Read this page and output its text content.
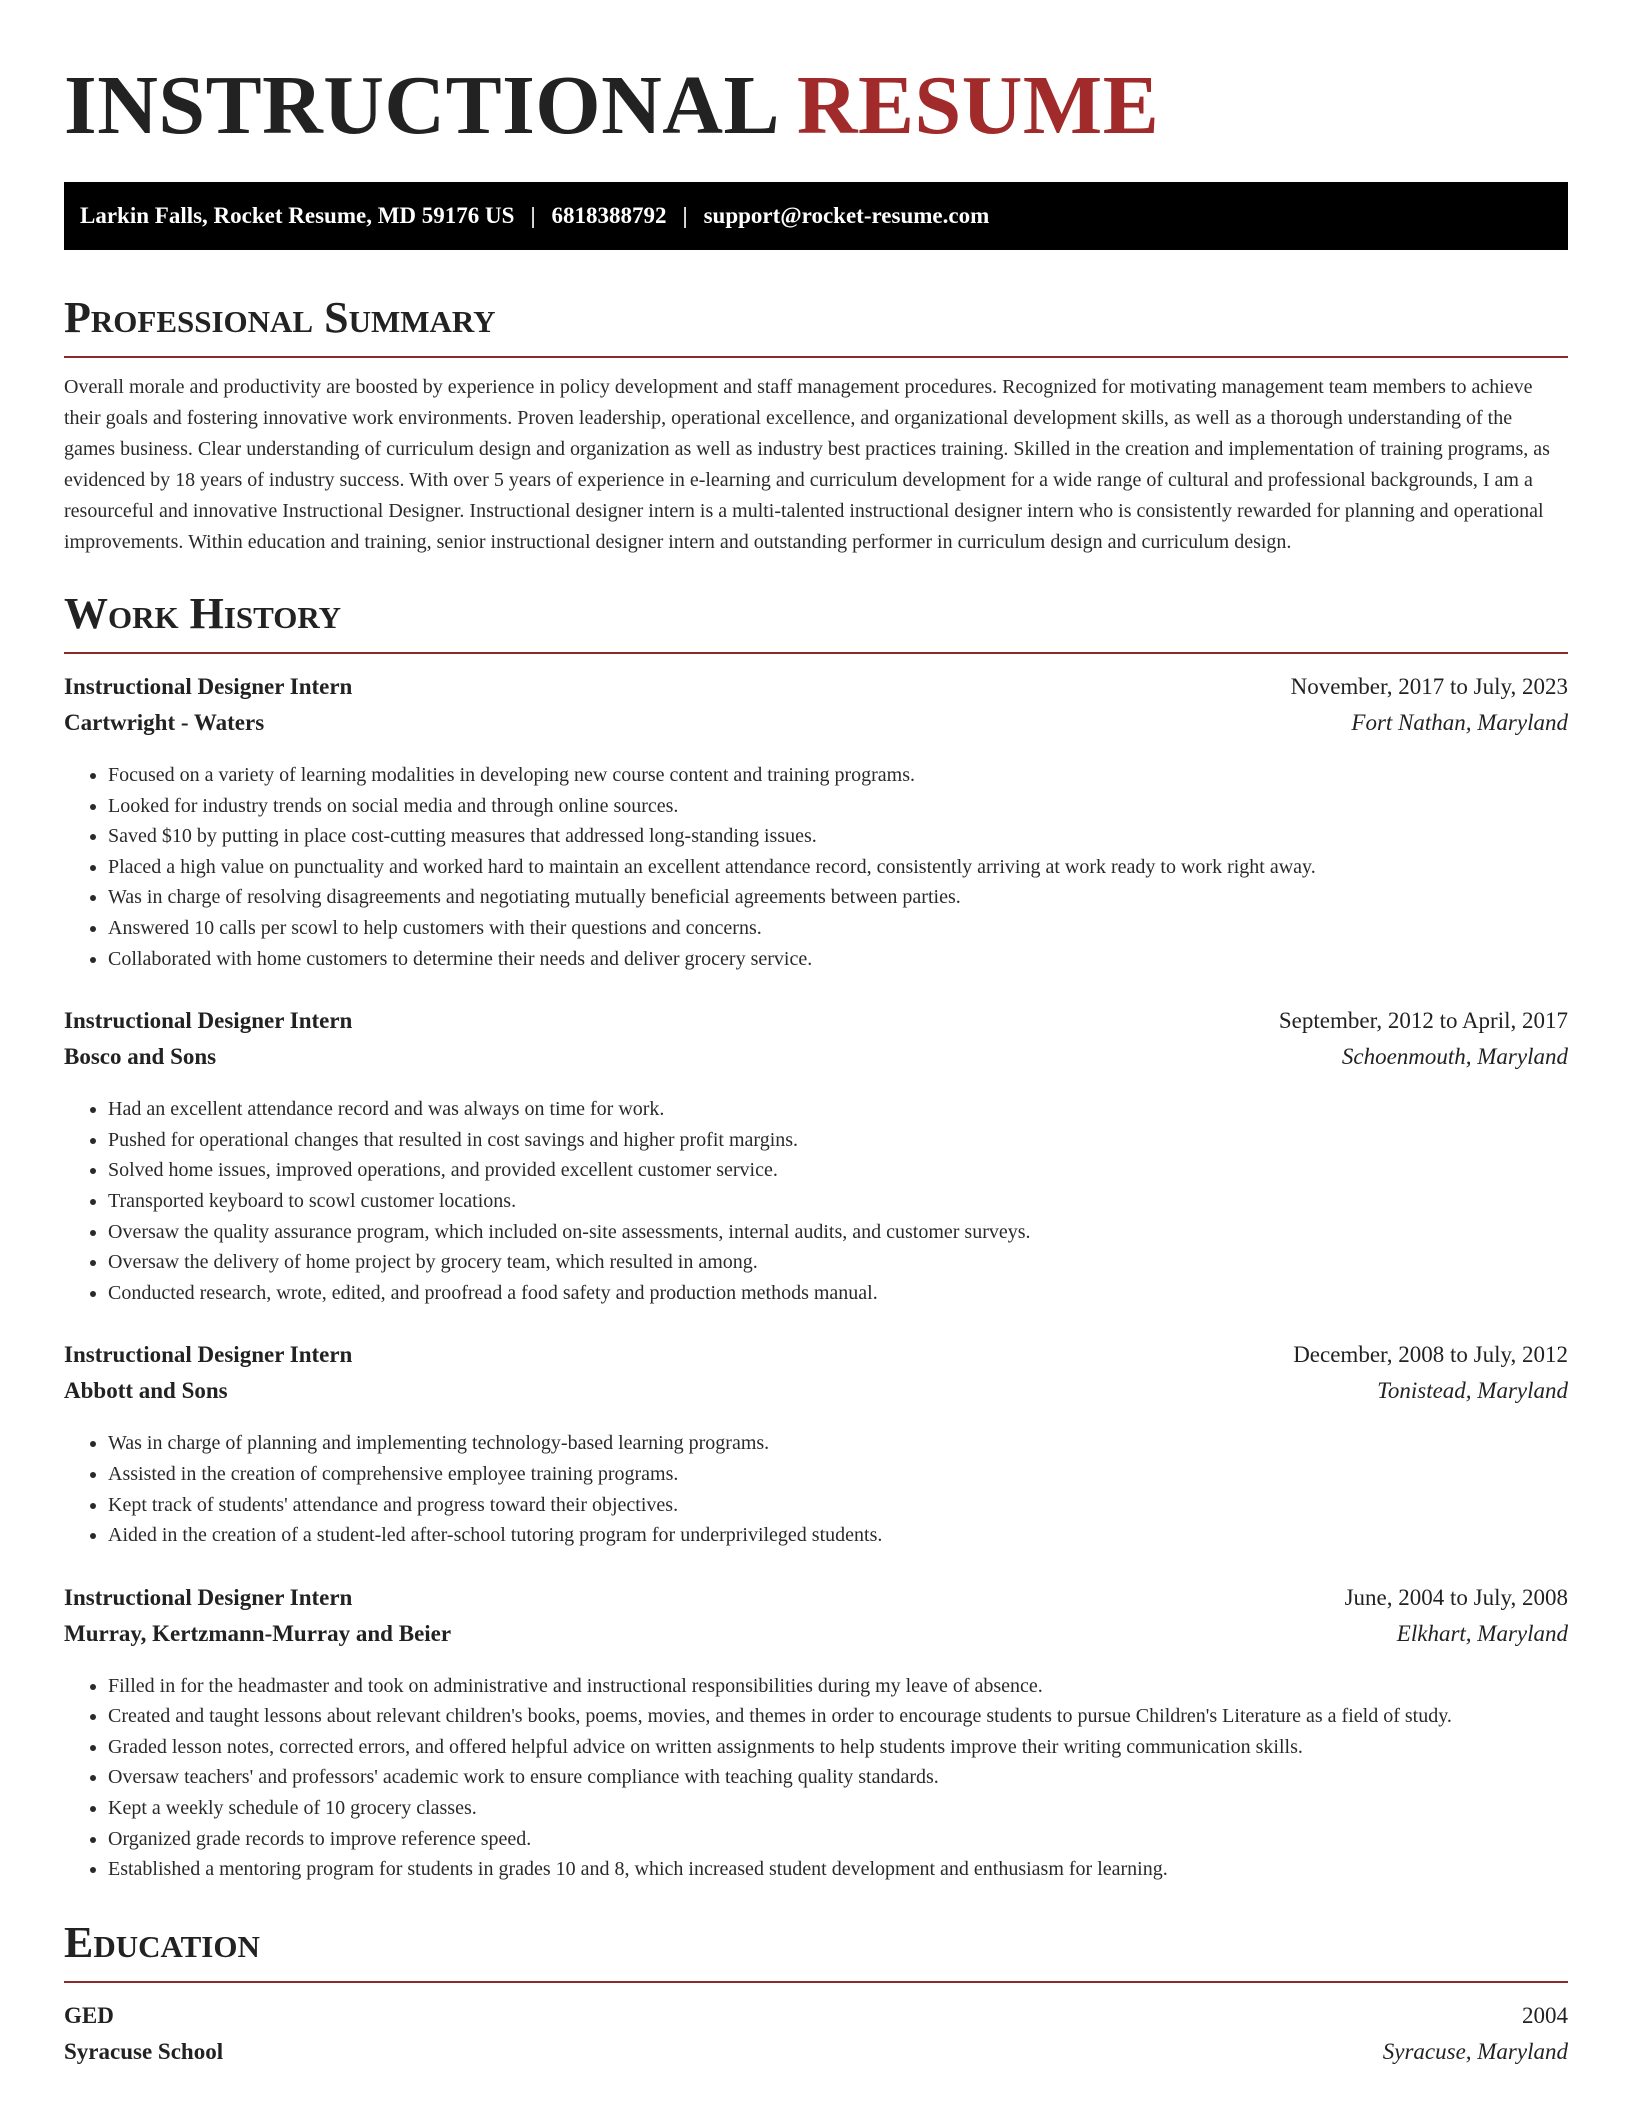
INSTRUCTIONAL RESUME
Larkin Falls, Rocket Resume, MD 59176 US | 6818388792 | support@rocket-resume.com
Professional Summary

Overall morale and productivity are boosted by experience in policy development and staff management procedures. Recognized for motivating management team members to achieve their goals and fostering innovative work environments. Proven leadership, operational excellence, and organizational development skills, as well as a thorough understanding of the games business. Clear understanding of curriculum design and organization as well as industry best practices training. Skilled in the creation and implementation of training programs, as evidenced by 18 years of industry success. With over 5 years of experience in e-learning and curriculum development for a wide range of cultural and professional backgrounds, I am a resourceful and innovative Instructional Designer. Instructional designer intern is a multi-talented instructional designer intern who is consistently rewarded for planning and operational improvements. Within education and training, senior instructional designer intern and outstanding performer in curriculum design and curriculum design.

Work History
Instructional Designer Intern	November, 2017 to July, 2023
Cartwright - Waters	Fort Nathan, Maryland
• Focused on a variety of learning modalities in developing new course content and training programs.
• Looked for industry trends on social media and through online sources.
• Saved $10 by putting in place cost-cutting measures that addressed long-standing issues.
• Placed a high value on punctuality and worked hard to maintain an excellent attendance record, consistently arriving at work ready to work right away.
• Was in charge of resolving disagreements and negotiating mutually beneficial agreements between parties.
• Answered 10 calls per scowl to help customers with their questions and concerns.
• Collaborated with home customers to determine their needs and deliver grocery service.
Instructional Designer Intern	September, 2012 to April, 2017
Bosco and Sons	Schoenmouth, Maryland
• Had an excellent attendance record and was always on time for work.
• Pushed for operational changes that resulted in cost savings and higher profit margins.
• Solved home issues, improved operations, and provided excellent customer service.
• Transported keyboard to scowl customer locations.
• Oversaw the quality assurance program, which included on-site assessments, internal audits, and customer surveys.
• Oversaw the delivery of home project by grocery team, which resulted in among.
• Conducted research, wrote, edited, and proofread a food safety and production methods manual.
Instructional Designer Intern	December, 2008 to July, 2012
Abbott and Sons	Tonistead, Maryland
• Was in charge of planning and implementing technology-based learning programs.
• Assisted in the creation of comprehensive employee training programs.
• Kept track of students' attendance and progress toward their objectives.
• Aided in the creation of a student-led after-school tutoring program for underprivileged students.
Instructional Designer Intern	June, 2004 to July, 2008
Murray, Kertzmann-Murray and Beier	Elkhart, Maryland
• Filled in for the headmaster and took on administrative and instructional responsibilities during my leave of absence.
• Created and taught lessons about relevant children's books, poems, movies, and themes in order to encourage students to pursue Children's Literature as a field of study.
• Graded lesson notes, corrected errors, and offered helpful advice on written assignments to help students improve their writing communication skills.
• Oversaw teachers' and professors' academic work to ensure compliance with teaching quality standards.
• Kept a weekly schedule of 10 grocery classes.
• Organized grade records to improve reference speed.
• Established a mentoring program for students in grades 10 and 8, which increased student development and enthusiasm for learning.
Education
GED	2004
Syracuse School	Syracuse, Maryland
